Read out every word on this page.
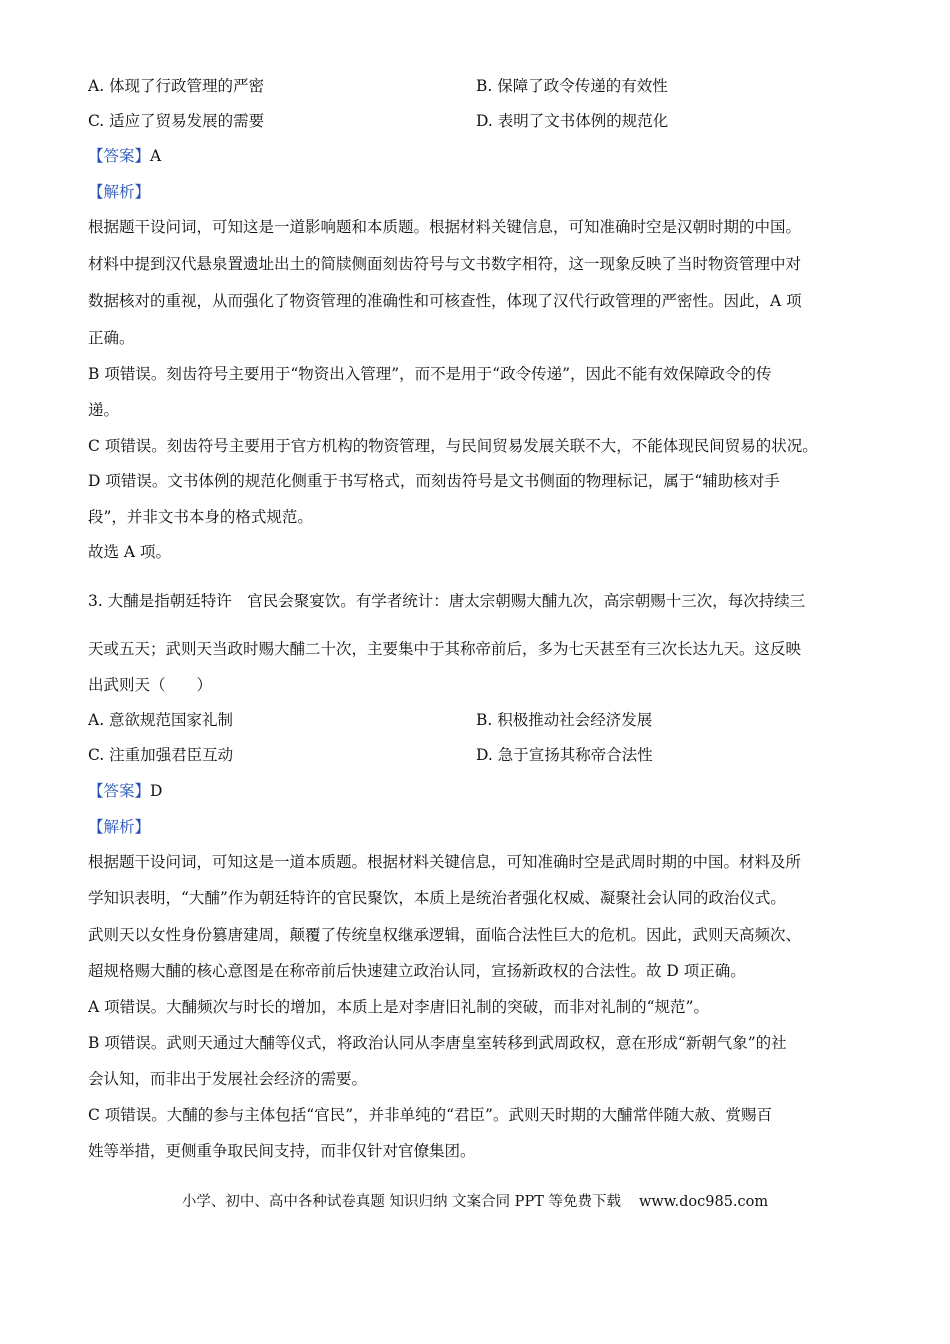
A. 体现了行政管理的严密	B. 保障了政令传递的有效性
C. 适应了贸易发展的需要	D. 表明了文书体例的规范化
【答案】A
【解析】
根据题干设问词，可知这是一道影响题和本质题。根据材料关键信息，可知准确时空是汉朝时期的中国。
材料中提到汉代悬泉置遗址出土的简牍侧面刻齿符号与文书数字相符，这一现象反映了当时物资管理中对
数据核对的重视，从而强化了物资管理的准确性和可核查性，体现了汉代行政管理的严密性。因此，A 项
正确。
B 项错误。刻齿符号主要用于“物资出入管理”，而不是用于“政令传递”，因此不能有效保障政令的传
递。
C 项错误。刻齿符号主要用于官方机构的物资管理，与民间贸易发展关联不大，不能体现民间贸易的状况。
D 项错误。文书体例的规范化侧重于书写格式，而刻齿符号是文书侧面的物理标记，属于“辅助核对手
段”，并非文书本身的格式规范。
故选 A 项。
3. 大酺是指朝廷特许　官民会聚宴饮。有学者统计：唐太宗朝赐大酺九次，高宗朝赐十三次，每次持续三
天或五天；武则天当政时赐大酺二十次，主要集中于其称帝前后，多为七天甚至有三次长达九天。这反映
出武则天（　　）
A. 意欲规范国家礼制	B. 积极推动社会经济发展
C. 注重加强君臣互动	D. 急于宣扬其称帝合法性
【答案】D
【解析】
根据题干设问词，可知这是一道本质题。根据材料关键信息，可知准确时空是武周时期的中国。材料及所
学知识表明，“大酺”作为朝廷特许的官民聚饮，本质上是统治者强化权威、凝聚社会认同的政治仪式。
武则天以女性身份篡唐建周，颠覆了传统皇权继承逻辑，面临合法性巨大的危机。因此，武则天高频次、
超规格赐大酺的核心意图是在称帝前后快速建立政治认同，宣扬新政权的合法性。故 D 项正确。
A 项错误。大酺频次与时长的增加，本质上是对李唐旧礼制的突破，而非对礼制的“规范”。
B 项错误。武则天通过大酺等仪式，将政治认同从李唐皇室转移到武周政权，意在形成“新朝气象”的社
会认知，而非出于发展社会经济的需要。
C 项错误。大酺的参与主体包括“官民”，并非单纯的“君臣”。武则天时期的大酺常伴随大赦、赏赐百
姓等举措，更侧重争取民间支持，而非仅针对官僚集团。
小学、初中、高中各种试卷真题 知识归纳 文案合同 PPT 等免费下载 www.doc985.com
